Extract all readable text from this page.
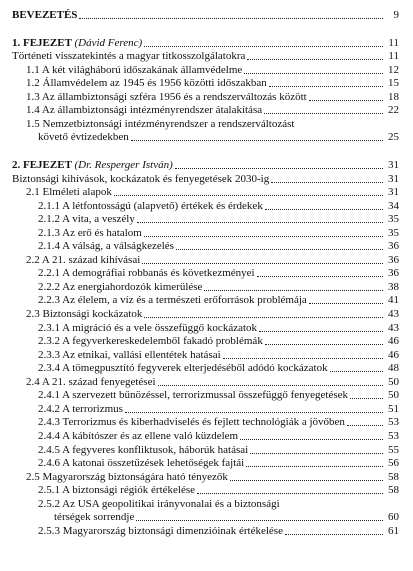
BEVEZETÉS	9
1. FEJEZET (Dávid Ferenc)	11
Történeti visszatekintés a magyar titkosszolgálatokra	11
1.1 A két világháború időszakának államvédelme	12
1.2 Államvédelem az 1945 és 1956 közötti időszakban	15
1.3 Az állambiztonsági szféra 1956 és a rendszerváltozás között	18
1.4 Az állambiztonsági intézményrendszer átalakítása	22
1.5 Nemzetbiztonsági intézményrendszer a rendszerváltozást
követő évtizedekben	25
2. FEJEZET (Dr. Resperger István)	31
Biztonsági kihívások, kockázatok és fenyegetések 2030-ig	31
2.1 Elméleti alapok	31
2.1.1 A létfontosságú (alapvető) értékek és érdekek	34
2.1.2 A vita, a veszély	35
2.1.3 Az erő és hatalom	35
2.1.4 A válság, a válságkezelés	36
2.2 A 21. század kihívásai	36
2.2.1 A demográfiai robbanás és következményei	36
2.2.2 Az energiahordozók kimerülése	38
2.2.3 Az élelem, a víz és a természeti erőforrások problémája	41
2.3 Biztonsági kockázatok	43
2.3.1 A migráció és a vele összefüggő kockázatok	43
2.3.2 A fegyverkereskedelemből fakadó problémák	46
2.3.3 Az etnikai, vallási ellentétek hatásai	46
2.3.4 A tömegpusztító fegyverek elterjedéséből adódó kockázatok	48
2.4 A 21. század fenyegetései	50
2.4.1 A szervezett bűnözéssel, terrorizmussal összefüggő fenyegetések	50
2.4.2 A terrorizmus	51
2.4.3 Terrorizmus és kiberhadviselés és fejlett technológiák a jövőben	53
2.4.4 A kábítószer és az ellene való küzdelem	53
2.4.5 A fegyveres konfliktusok, háborúk hatásai	55
2.4.6 A katonai összetűzések lehetőségek fajtái	56
2.5 Magyarország biztonságára ható tényezők	58
2.5.1 A biztonsági régiók értékelése	58
2.5.2 Az USA geopolitikai irányvonalai és a biztonsági
térségek sorrendje	60
2.5.3 Magyarország biztonsági dimenzióinak értékelése	61
